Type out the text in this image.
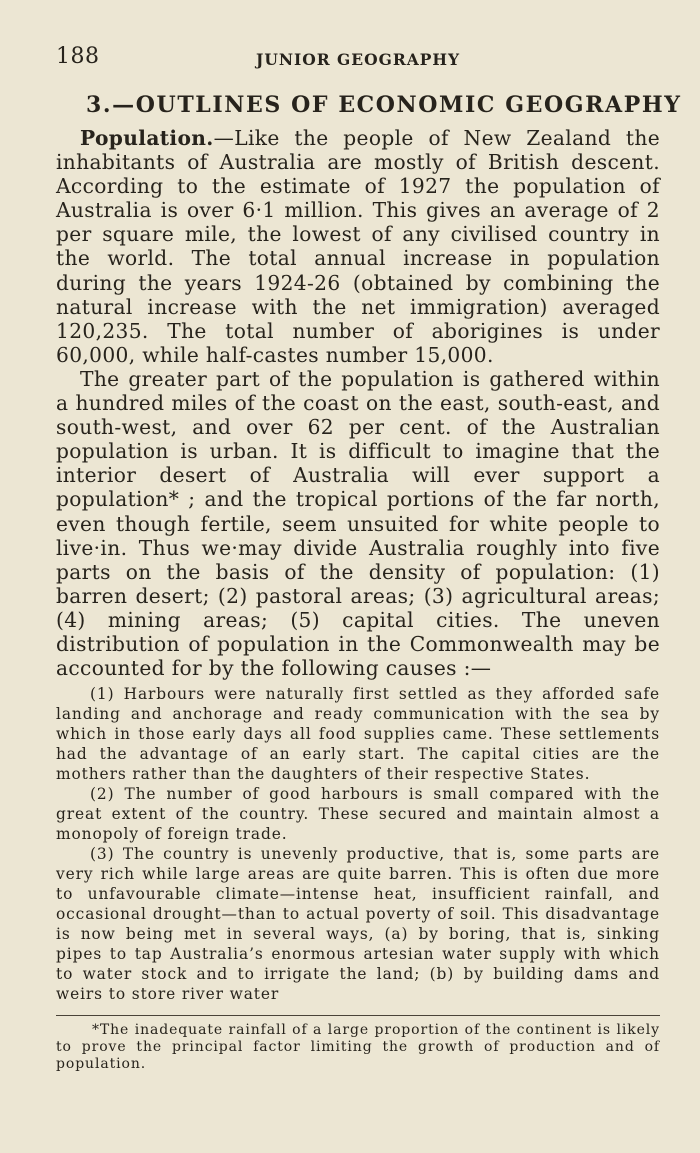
188	JUNIOR GEOGRAPHY
3.—OUTLINES OF ECONOMIC GEOGRAPHY

Population.—Like the people of New Zealand the inhabitants of Australia are mostly of British descent. According to the estimate of 1927 the population of Australia is over 6·1 million. This gives an average of 2 per square mile, the lowest of any civilised country in the world. The total annual increase in population during the years 1924-26 (obtained by combining the natural increase with the net immigration) averaged 120,235. The total number of aborigines is under 60,000, while half-castes number 15,000.

The greater part of the population is gathered within a hundred miles of the coast on the east, south-east, and south-west, and over 62 per cent. of the Australian population is urban. It is difficult to imagine that the interior desert of Australia will ever support a population* ; and the tropical portions of the far north, even though fertile, seem unsuited for white people to live·in. Thus we·may divide Australia roughly into five parts on the basis of the density of population: (1) barren desert; (2) pastoral areas; (3) agricultural areas; (4) mining areas; (5) capital cities. The uneven distribution of population in the Commonwealth may be accounted for by the following causes :—

(1) Harbours were naturally first settled as they afforded safe landing and anchorage and ready communication with the sea by which in those early days all food supplies came. These settlements had the advantage of an early start. The capital cities are the mothers rather than the daughters of their respective States.

(2) The number of good harbours is small compared with the great extent of the country. These secured and maintain almost a monopoly of foreign trade.

(3) The country is unevenly productive, that is, some parts are very rich while large areas are quite barren. This is often due more to unfavourable climate—intense heat, insufficient rainfall, and occasional drought—than to actual poverty of soil. This disadvantage is now being met in several ways, (a) by boring, that is, sinking pipes to tap Australia’s enormous artesian water supply with which to water stock and to irrigate the land; (b) by building dams and weirs to store river water

*The inadequate rainfall of a large proportion of the continent is likely to prove the principal factor limiting the growth of production and of population.
